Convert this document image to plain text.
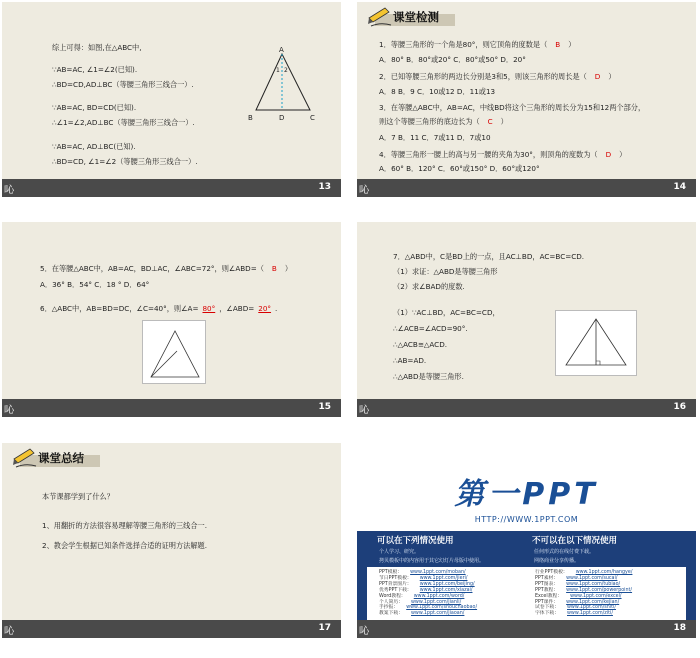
综上可得：如图,在△ABC中,
∵AB=AC, ∠1=∠2(已知).
∴BD=CD,AD⊥BC（等腰三角形三线合一）.
∵AB=AC, BD=CD(已知).
∴∠1=∠2,AD⊥BC（等腰三角形三线合一）.
∵AB=AC, AD⊥BC(已知).
∴BD=CD, ∠1=∠2（等腰三角形三线合一）.
A
1 2
B	D	C
吣	13
课堂检测
1．等腰三角形的一个角是80°，则它顶角的度数是（ B ）
A．80° B．80°或20° C．80°或50° D．20°
2．已知等腰三角形的两边长分别是3和5，则该三角形的周长是（ D ）
A．8 B．9 C．10或12 D．11或13
3．在等腰△ABC中，AB=AC，中线BD将这个三角形的周长分为15和12两个部分，
则这个等腰三角形的底边长为（ C ）
A．7 B．11 C．7或11 D．7或10
4．等腰三角形一腰上的高与另一腰的夹角为30°，则顶角的度数为（ D ）
A．60° B．120° C．60°或150° D．60°或120°
吣	14
5．在等腰△ABC中，AB=AC，BD⊥AC，∠ABC=72°，则∠ABD=（ B ）
A．36° B．54° C．18 ° D．64°
6．△ABC中，AB=BD=DC，∠C=40°，则∠A= 80° ，∠ABD= 20° .
吣	15
7．△ABD中，C是BD上的一点，且AC⊥BD，AC=BC=CD.
（1）求证：△ABD是等腰三角形
（2）求∠BAD的度数.
（1）∵AC⊥BD，AC=BC=CD，
∴∠ACB=∠ACD=90°.
∴△ACB≅△ACD.
∴AB=AD.
∴△ABD是等腰三角形.
吣	16
课堂总结
本节课都学到了什么？
1、用翻折的方法很容易理解等腰三角形的三线合一.
2、教会学生根据已知条件选择合适的证明方法解题.
吣	17
第一PPT
HTTP://WWW.1PPT.COM
可以在下列情况使用
个人学习、研究。
拷贝模板中的内容用于其它幻灯片母版中使用。
不可以在以下情况使用
任何形式的在线付费下载。
网络商业分享传播。
PPT模板： www.1ppt.com/moban/
节日PPT模板： www.1ppt.com/jieri/
PPT背景图片： www.1ppt.com/beijing/
优秀PPT下载： www.1ppt.com/xiazai/
Word教程： www.1ppt.com/word/
个人简历： www.1ppt.com/jianli/
手抄报： www.1ppt.com/shouchaobao/
教案下载： www.1ppt.com/jiaoan/
行业PPT模板： www.1ppt.com/hangye/
PPT素材： www.1ppt.com/sucai/
PPT图表： www.1ppt.com/tubiao/
PPT教程： www.1ppt.com/powerpoint/
Excel教程： www.1ppt.com/excel/
PPT课件： www.1ppt.com/kejian/
试卷下载： www.1ppt.com/shiti/
字体下载： www.1ppt.com/ziti/
吣	18
